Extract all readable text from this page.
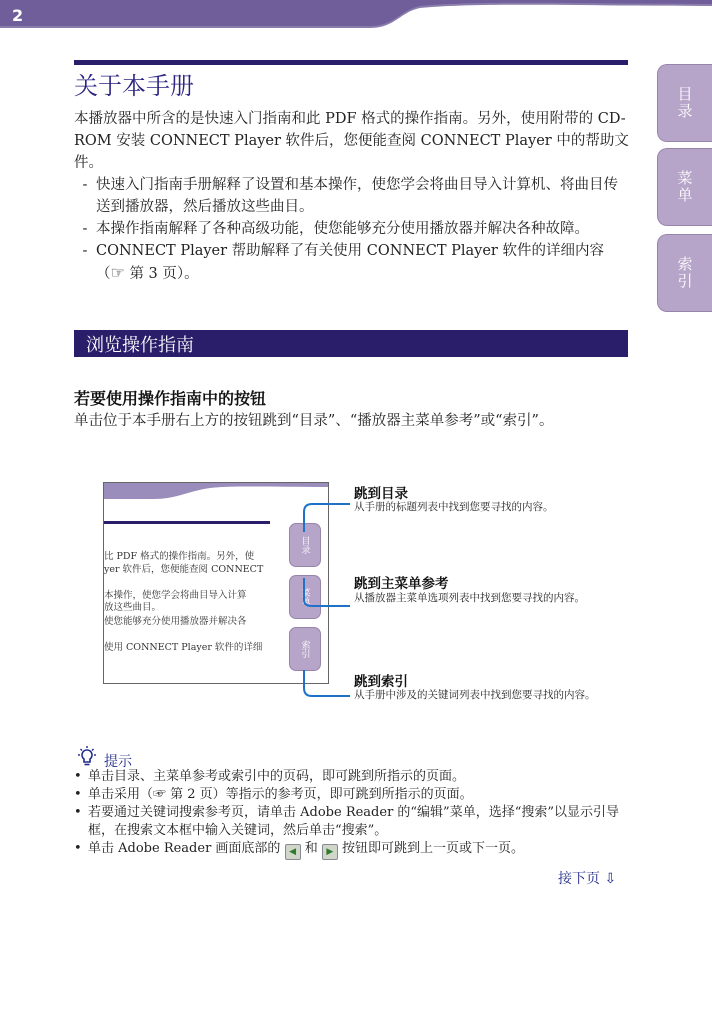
2
目录
菜单
索引
关于本手册
本播放器中所含的是快速入门指南和此 PDF 格式的操作指南。另外，使用附带的 CD-ROM 安装 CONNECT Player 软件后，您便能查阅 CONNECT Player 中的帮助文件。
- 快速入门指南手册解释了设置和基本操作，使您学会将曲目导入计算机、将曲目传送到播放器，然后播放这些曲目。
- 本操作指南解释了各种高级功能，使您能够充分使用播放器并解决各种故障。
- CONNECT Player 帮助解释了有关使用 CONNECT Player 软件的详细内容（☞ 第 3 页）。
浏览操作指南
若要使用操作指南中的按钮
单击位于本手册右上方的按钮跳到“目录”、“播放器主菜单参考”或“索引”。
比 PDF 格式的操作指南。另外，使
yer 软件后，您便能查阅 CONNECT
本操作，使您学会将曲目导入计算
放这些曲目。
使您能够充分使用播放器并解决各
使用 CONNECT Player 软件的详细
目录
菜单
索引
跳到目录
从手册的标题列表中找到您要寻找的内容。
跳到主菜单参考
从播放器主菜单选项列表中找到您要寻找的内容。
跳到索引
从手册中涉及的关键词列表中找到您要寻找的内容。
提示
• 单击目录、主菜单参考或索引中的页码，即可跳到所指示的页面。
• 单击采用（☞ 第 2 页）等指示的参考页，即可跳到所指示的页面。
• 若要通过关键词搜索参考页，请单击 Adobe Reader 的“编辑”菜单，选择“搜索”以显示引导框，在搜索文本框中输入关键词，然后单击“搜索”。
• 单击 Adobe Reader 画面底部的 ◀ 和 ▶ 按钮即可跳到上一页或下一页。
接下页 ⇩
